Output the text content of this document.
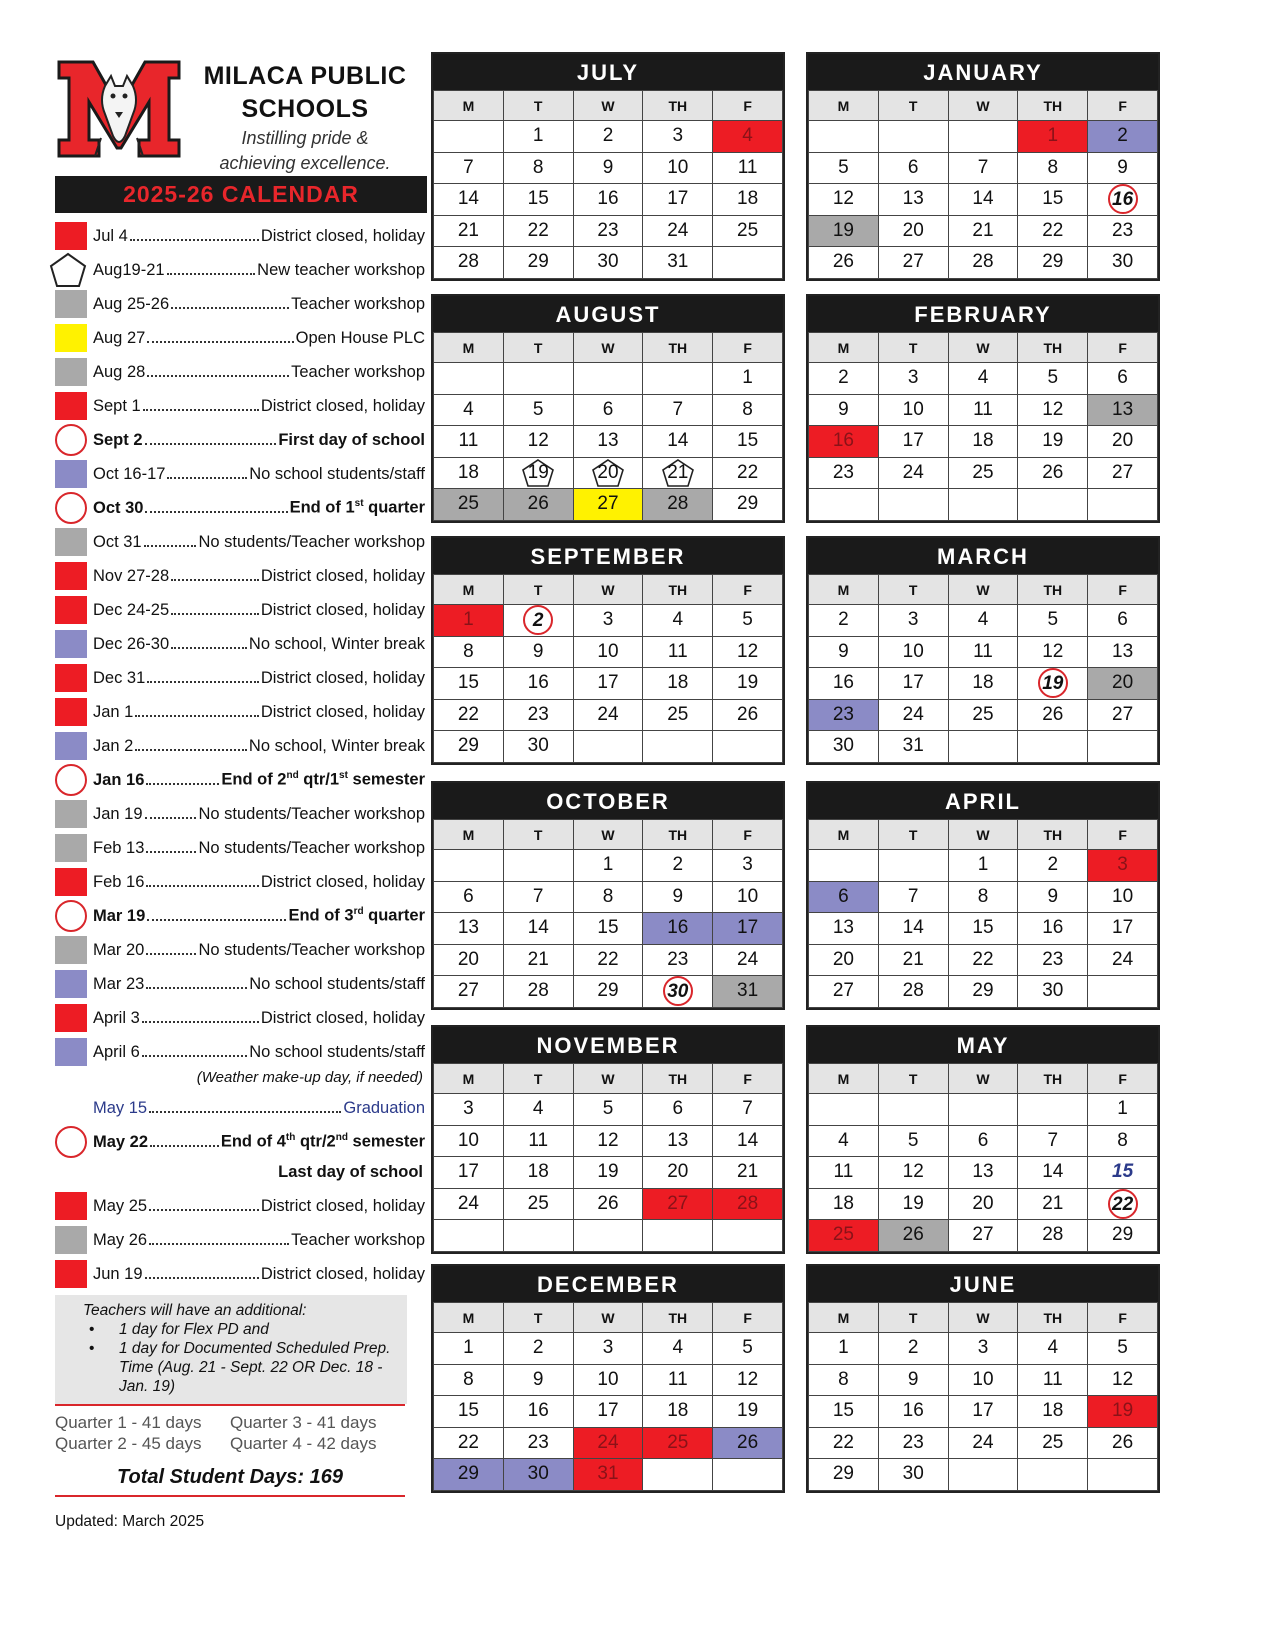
MILACA PUBLIC
SCHOOLS
Instilling pride &
achieving excellence.
2025-26 CALENDAR
Jul 4	District closed, holiday
Aug19-21	New teacher workshop
Aug 25-26	Teacher workshop
Aug 27	Open House PLC
Aug 28	Teacher workshop
Sept 1	District closed, holiday
Sept 2	First day of school
Oct 16-17	No school students/staff
Oct 30	End of 1st quarter
Oct 31	No students/Teacher workshop
Nov 27-28	District closed, holiday
Dec 24-25	District closed, holiday
Dec 26-30	No school, Winter break
Dec 31	District closed, holiday
Jan 1	District closed, holiday
Jan 2	No school, Winter break
Jan 16	End of 2nd qtr/1st semester
Jan 19	No students/Teacher workshop
Feb 13	No students/Teacher workshop
Feb 16	District closed, holiday
Mar 19	End of 3rd quarter
Mar 20	No students/Teacher workshop
Mar 23	No school students/staff
April 3	District closed, holiday
April 6	No school students/staff
(Weather make-up day, if needed)
May 15	Graduation
May 22	End of 4th qtr/2nd semester
Last day of school
May 25	District closed, holiday
May 26	Teacher workshop
Jun 19	District closed, holiday
Teachers will have an additional:
• 1 day for Flex PD and
• 1 day for Documented Scheduled Prep. Time (Aug. 21 - Sept. 22 OR Dec. 18 - Jan. 19)
Quarter 1 - 41 days	Quarter 3 - 41 days
Quarter 2 - 45 days	Quarter 4 - 42 days
Total Student Days: 169
Updated: March 2025
JULY
M	T	W	TH	F
	1	2	3	4
7	8	9	10	11
14	15	16	17	18
21	22	23	24	25
28	29	30	31	
JANUARY
M	T	W	TH	F
			1	2
5	6	7	8	9
12	13	14	15	16
19	20	21	22	23
26	27	28	29	30
AUGUST
M	T	W	TH	F
				1
4	5	6	7	8
11	12	13	14	15
18	19	20	21	22
25	26	27	28	29
FEBRUARY
M	T	W	TH	F
2	3	4	5	6
9	10	11	12	13
16	17	18	19	20
23	24	25	26	27

SEPTEMBER
M	T	W	TH	F
1	2	3	4	5
8	9	10	11	12
15	16	17	18	19
22	23	24	25	26
29	30			
MARCH
M	T	W	TH	F
2	3	4	5	6
9	10	11	12	13
16	17	18	19	20
23	24	25	26	27
30	31			
OCTOBER
M	T	W	TH	F
		1	2	3
6	7	8	9	10
13	14	15	16	17
20	21	22	23	24
27	28	29	30	31
APRIL
M	T	W	TH	F
		1	2	3
6	7	8	9	10
13	14	15	16	17
20	21	22	23	24
27	28	29	30	
NOVEMBER
M	T	W	TH	F
3	4	5	6	7
10	11	12	13	14
17	18	19	20	21
24	25	26	27	28

MAY
M	T	W	TH	F
				1
4	5	6	7	8
11	12	13	14	15
18	19	20	21	22
25	26	27	28	29
DECEMBER
M	T	W	TH	F
1	2	3	4	5
8	9	10	11	12
15	16	17	18	19
22	23	24	25	26
29	30	31		
JUNE
M	T	W	TH	F
1	2	3	4	5
8	9	10	11	12
15	16	17	18	19
22	23	24	25	26
29	30			
